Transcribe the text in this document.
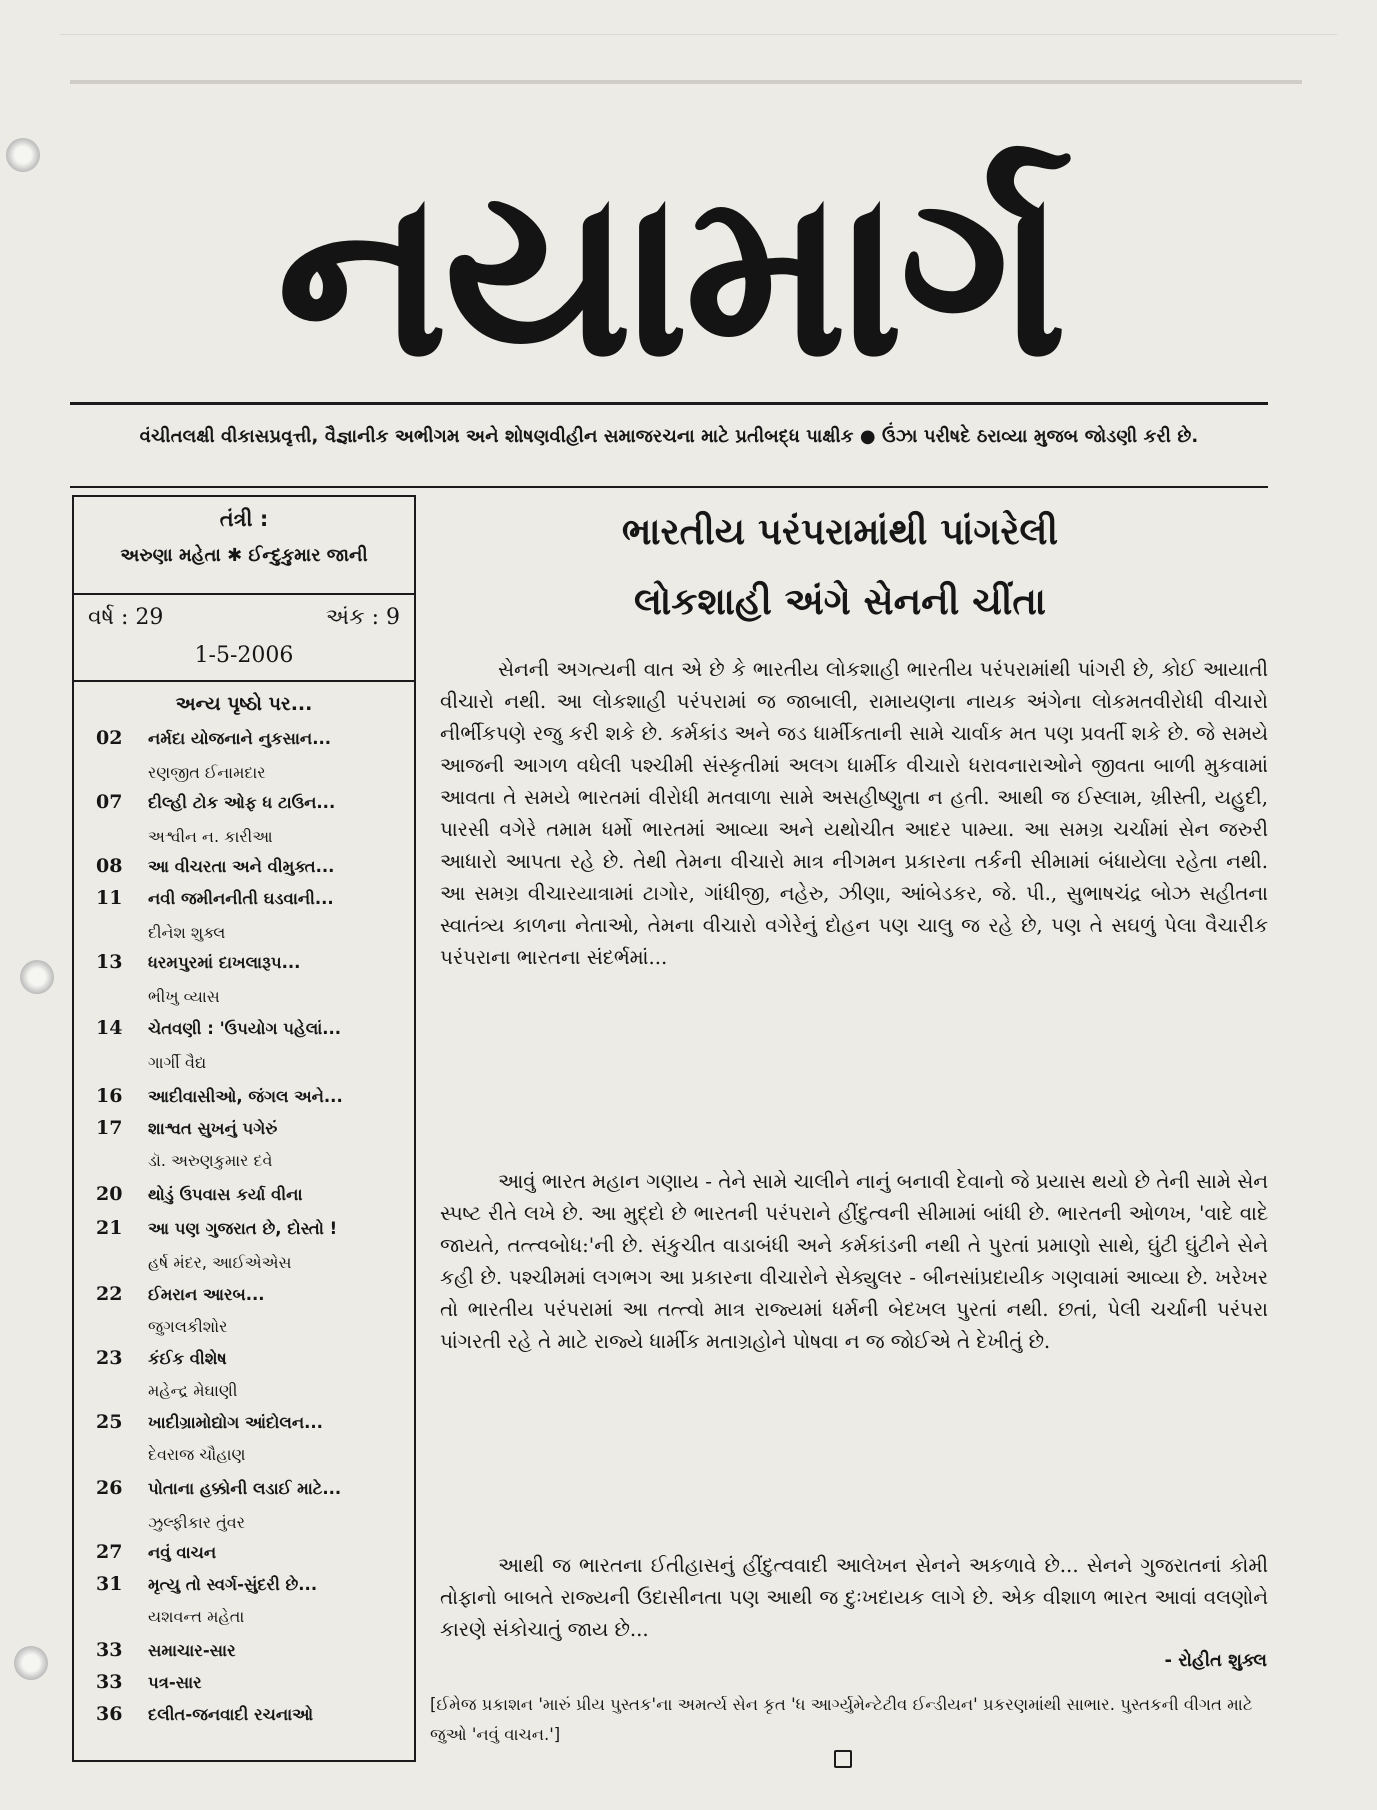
નયામાર્ગ
વંચીતલક્ષી વીકાસપ્રવૃત્તી, વૈજ્ઞાનીક અભીગમ અને શોષણવીહીન સમાજરચના માટે પ્રતીબદ્ધ પાક્ષીક ● ઉંઝા પરીષદે ઠરાવ્યા મુજબ જોડણી કરી છે.
તંત્રી :
અરુણા મહેતા ✱ ઈન્દુકુમાર જાની
વર્ષ : 29	અંક : 9
1-5-2006
અન્ય પૃષ્ઠો પર...
02 નર્મદા યોજનાને નુકસાન...
રણજીત ઈનામદાર
07 દીલ્હી ટોક ઓફ ધ ટાઉન...
અશ્વીન ન. કારીઆ
08 આ વીચરતા અને વીમુક્ત...
11 નવી જમીનનીતી ઘડવાની...
દીનેશ શુક્લ
13 ધરમપુરમાં દાખલારૂપ...
ભીખુ વ્યાસ
14 ચેતવણી : 'ઉપયોગ પહેલાં...
ગાર્ગી વૈદ્ય
16 આદીવાસીઓ, જંગલ અને...
17 શાશ્વત સુખનું પગેરું
ડૉ. અરુણકુમાર દવે
20 થોડું ઉપવાસ કર્યા વીના
21 આ પણ ગુજરાત છે, દોસ્તો !
હર્ષ મંદર, આઈએએસ
22 ઈમરાન આરબ...
જુગલકીશોર
23 કંઈક વીશેષ
મહેન્દ્ર મેઘાણી
25 ખાદીગ્રામોદ્યોગ આંદોલન...
દેવરાજ ચૌહાણ
26 પોતાના હક્કોની લડાઈ માટે...
ઝુલ્ફીકાર તુંવર
27 નવું વાચન
31 મૃત્યુ તો સ્વર્ગ-સુંદરી છે...
યશવન્ત મહેતા
33 સમાચાર-સાર
33 પત્ર-સાર
36 દલીત-જનવાદી રચનાઓ
ભારતીય પરંપરામાંથી પાંગરેલી
લોકશાહી અંગે સેનની ચીંતા

સેનની અગત્યની વાત એ છે કે ભારતીય લોકશાહી ભારતીય પરંપરામાંથી પાંગરી છે, કોઈ આયાતી વીચારો નથી. આ લોકશાહી પરંપરામાં જ જાબાલી, રામાયણના નાયક અંગેના લોકમતવીરોધી વીચારો નીર્ભીકપણે રજુ કરી શકે છે. કર્મકાંડ અને જડ ધાર્મીકતાની સામે ચાર્વાક મત પણ પ્રવર્તી શકે છે. જે સમયે આજની આગળ વધેલી પશ્ચીમી સંસ્કૃતીમાં અલગ ધાર્મીક વીચારો ધરાવનારાઓને જીવતા બાળી મુકવામાં આવતા તે સમયે ભારતમાં વીરોધી મતવાળા સામે અસહીષ્ણુતા ન હતી. આથી જ ઈસ્લામ, ખ્રીસ્તી, યહુદી, પારસી વગેરે તમામ ધર્મો ભારતમાં આવ્યા અને યથોચીત આદર પામ્યા. આ સમગ્ર ચર્ચામાં સેન જરુરી આધારો આપતા રહે છે. તેથી તેમના વીચારો માત્ર નીગમન પ્રકારના તર્કની સીમામાં બંધાયેલા રહેતા નથી. આ સમગ્ર વીચારયાત્રામાં ટાગોર, ગાંધીજી, નહેરુ, ઝીણા, આંબેડકર, જે. પી., સુભાષચંદ્ર બોઝ સહીતના સ્વાતંત્ર્ય કાળના નેતાઓ, તેમના વીચારો વગેરેનું દોહન પણ ચાલુ જ રહે છે, પણ તે સઘળું પેલા વૈચારીક પરંપરાના ભારતના સંદર્ભમાં...

આવું ભારત મહાન ગણાય - તેને સામે ચાલીને નાનું બનાવી દેવાનો જે પ્રયાસ થયો છે તેની સામે સેન સ્પષ્ટ રીતે લખે છે. આ મુદ્દો છે ભારતની પરંપરાને હીંદુત્વની સીમામાં બાંધી છે. ભારતની ઓળખ, 'વાદે વાદે જાયતે, તત્ત્વબોધ:'ની છે. સંકુચીત વાડાબંધી અને કર્મકાંડની નથી તે પુરતાં પ્રમાણો સાથે, ઘુંટી ઘુંટીને સેને કહી છે. પશ્ચીમમાં લગભગ આ પ્રકારના વીચારોને સેક્યુલર - બીનસાંપ્રદાયીક ગણવામાં આવ્યા છે. ખરેખર તો ભારતીય પરંપરામાં આ તત્ત્વો માત્ર રાજ્યમાં ધર્મની બેદખલ પુરતાં નથી. છતાં, પેલી ચર્ચાની પરંપરા પાંગરતી રહે તે માટે રાજ્યે ધાર્મીક મતાગ્રહોને પોષવા ન જ જોઈએ તે દેખીતું છે.

આથી જ ભારતના ઈતીહાસનું હીંદુત્વવાદી આલેખન સેનને અકળાવે છે... સેનને ગુજરાતનાં કોમી તોફાનો બાબતે રાજ્યની ઉદાસીનતા પણ આથી જ દુઃખદાયક લાગે છે. એક વીશાળ ભારત આવાં વલણોને કારણે સંકોચાતું જાય છે...

- રોહીત શુક્લ
[ઈમેજ પ્રકાશન 'મારું પ્રીય પુસ્તક'ના અમર્ત્ય સેન કૃત 'ધ આર્ગ્યુમેન્ટેટીવ ઈન્ડીયન' પ્રકરણમાંથી સાભાર. પુસ્તકની વીગત માટે જુઓ 'નવું વાચન.']
